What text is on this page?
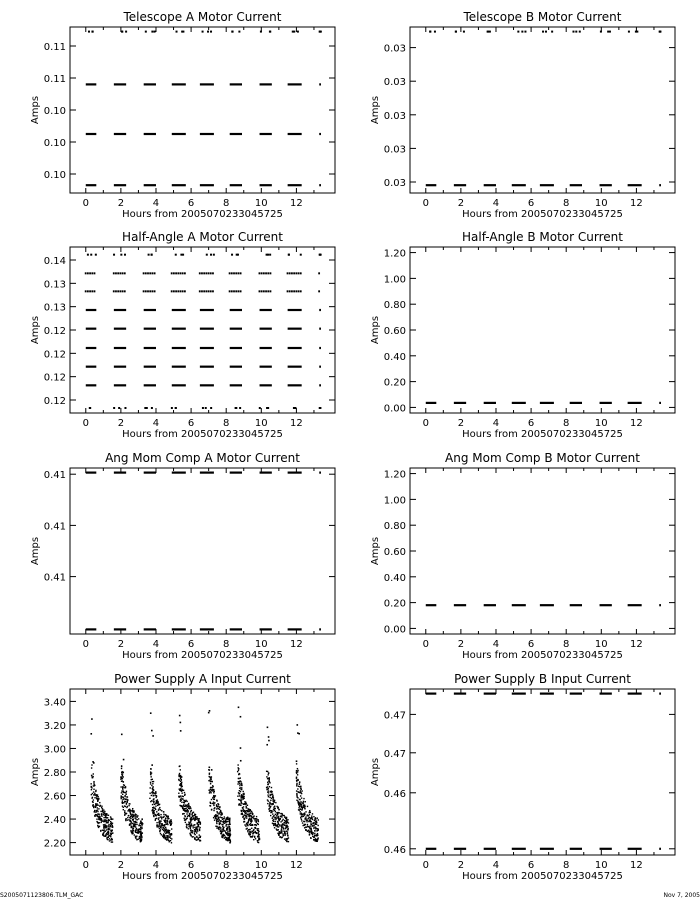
Telescope A Motor Current
0	2	4	6	8	10 12
Hours from 2005070233045725
0.10
0.10
0.10
0.11
0.11
Amps
Telescope B Motor Current
0	2	4	6	8	10 12
Hours from 2005070233045725
0.03
0.03
0.03
0.03
0.03
Amps
Half-Angle A Motor Current
0	2	4	6	8	10 12
Hours from 2005070233045725
0.12
0.12
0.12
0.12
0.13
0.13
0.14
Amps
Half-Angle B Motor Current
0	2	4	6	8	10 12
Hours from 2005070233045725
0.00
0.20
0.40
0.60
0.80
1.00
1.20
Amps
Ang Mom Comp A Motor Current
0	2	4	6	8	10 12
Hours from 2005070233045725
0.41
0.41
0.41
Amps
Ang Mom Comp B Motor Current
0	2	4	6	8	10 12
Hours from 2005070233045725
0.00
0.20
0.40
0.60
0.80
1.00
1.20
Amps
Power Supply A Input Current
0	2	4	6	8	10 12
Hours from 2005070233045725
2.20
2.40
2.60
2.80
3.00
3.20
3.40
Amps
Power Supply B Input Current
0	2	4	6	8	10 12
Hours from 2005070233045725
0.46
0.46
0.47
0.47
Amps
S2005071123806.TLM_GAC	Nov 7, 2005
